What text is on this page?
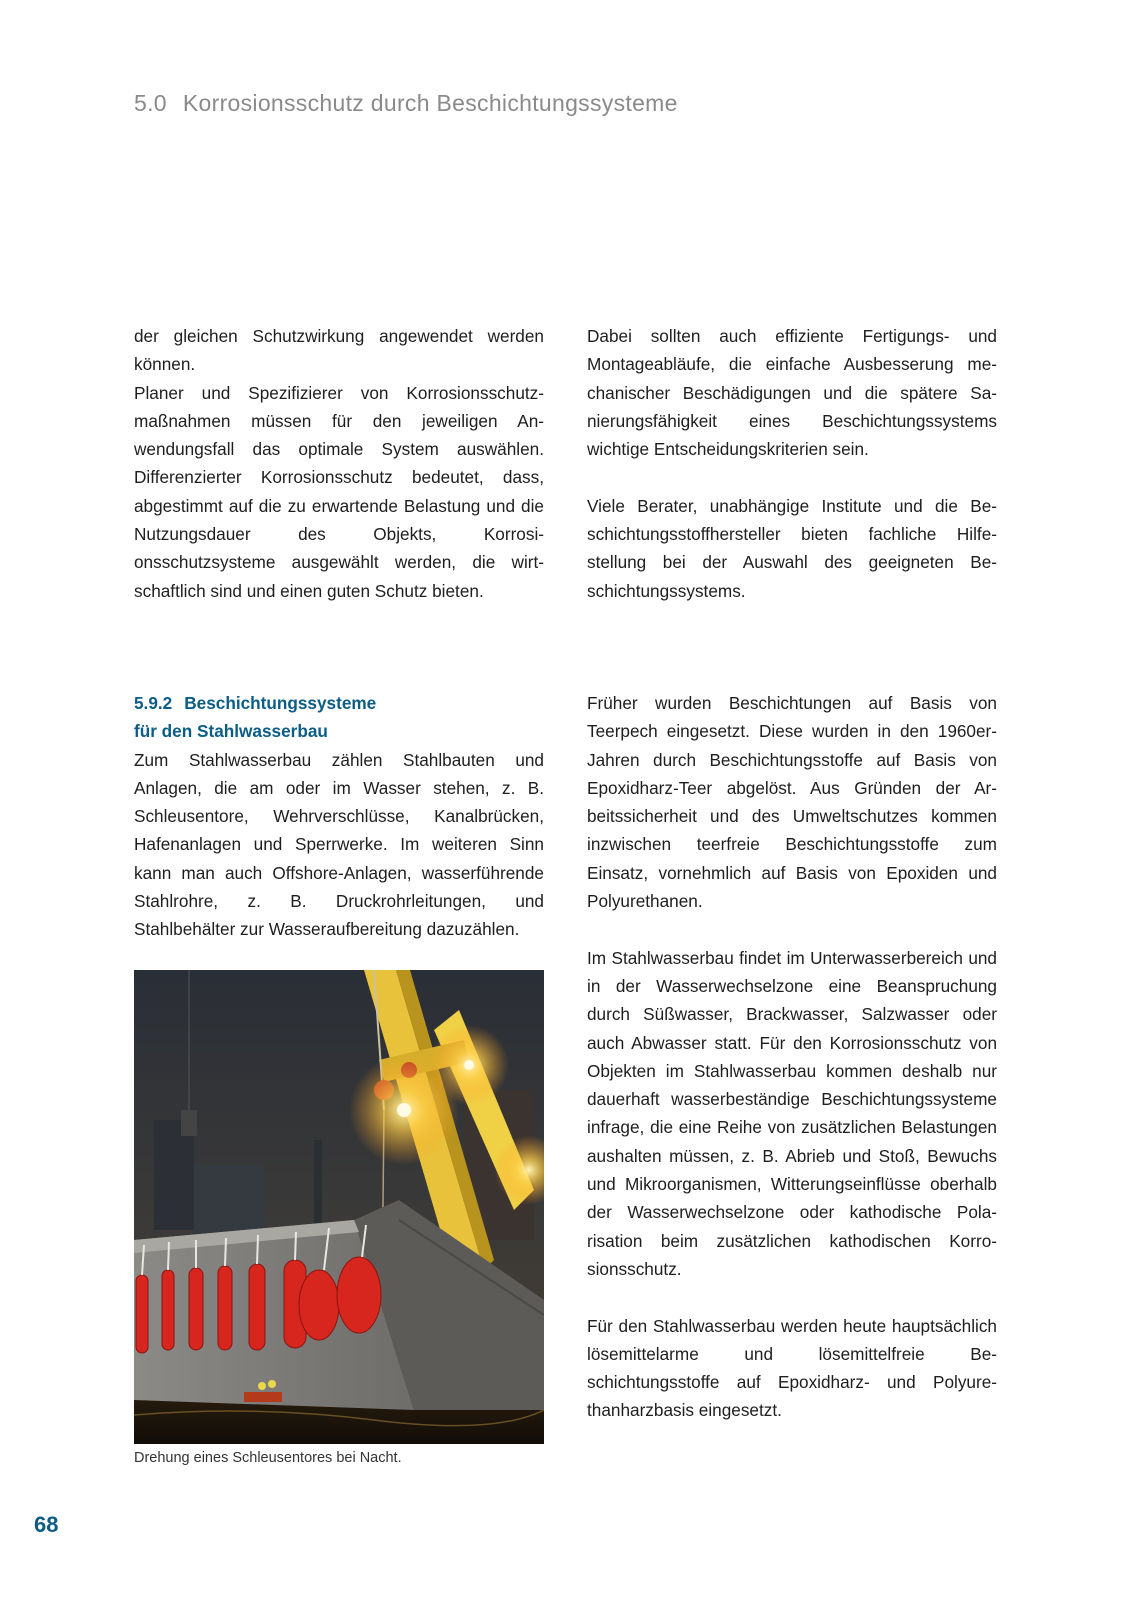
5.0 Korrosionsschutz durch Beschichtungssysteme

der gleichen Schutzwirkung angewendet werden können.

Planer und Spezifizierer von Korrosionsschutzmaßnahmen müssen für den jeweiligen Anwendungsfall das optimale System auswählen. Differenzierter Korrosionsschutz bedeutet, dass, abgestimmt auf die zu erwartende Belastung und die Nutzungsdauer des Objekts, Korrosionsschutzsysteme ausgewählt werden, die wirtschaftlich sind und einen guten Schutz bieten.

Dabei sollten auch effiziente Fertigungs- und Montageabläufe, die einfache Ausbesserung mechanischer Beschädigungen und die spätere Sanierungsfähigkeit eines Beschichtungssystems wichtige Entscheidungskriterien sein.

Viele Berater, unabhängige Institute und die Beschichtungsstoffhersteller bieten fachliche Hilfestellung bei der Auswahl des geeigneten Beschichtungssystems.

5.9.2 Beschichtungssysteme
für den Stahlwasserbau

Zum Stahlwasserbau zählen Stahlbauten und Anlagen, die am oder im Wasser stehen, z. B. Schleusentore, Wehrverschlüsse, Kanalbrücken, Hafenanlagen und Sperrwerke. Im weiteren Sinn kann man auch Offshore-Anlagen, wasserführende Stahlrohre, z. B. Druckrohrleitungen, und Stahlbehälter zur Wasseraufbereitung dazuzählen.

Früher wurden Beschichtungen auf Basis von Teerpech eingesetzt. Diese wurden in den 1960er-Jahren durch Beschichtungsstoffe auf Basis von Epoxidharz-Teer abgelöst. Aus Gründen der Arbeitssicherheit und des Umweltschutzes kommen inzwischen teerfreie Beschichtungsstoffe zum Einsatz, vornehmlich auf Basis von Epoxiden und Polyurethanen.

Im Stahlwasserbau findet im Unterwasserbereich und in der Wasserwechselzone eine Beanspruchung durch Süßwasser, Brackwasser, Salzwasser oder auch Abwasser statt. Für den Korrosionsschutz von Objekten im Stahlwasserbau kommen deshalb nur dauerhaft wasserbeständige Beschichtungssysteme infrage, die eine Reihe von zusätzlichen Belastungen aushalten müssen, z. B. Abrieb und Stoß, Bewuchs und Mikroorganismen, Witterungseinflüsse oberhalb der Wasserwechselzone oder kathodische Polarisation beim zusätzlichen kathodischen Korrosionsschutz.

Für den Stahlwasserbau werden heute hauptsächlich lösemittelarme und lösemittelfreie Beschichtungsstoffe auf Epoxidharz- und Polyurethanharzbasis eingesetzt.

Drehung eines Schleusentores bei Nacht.
68
